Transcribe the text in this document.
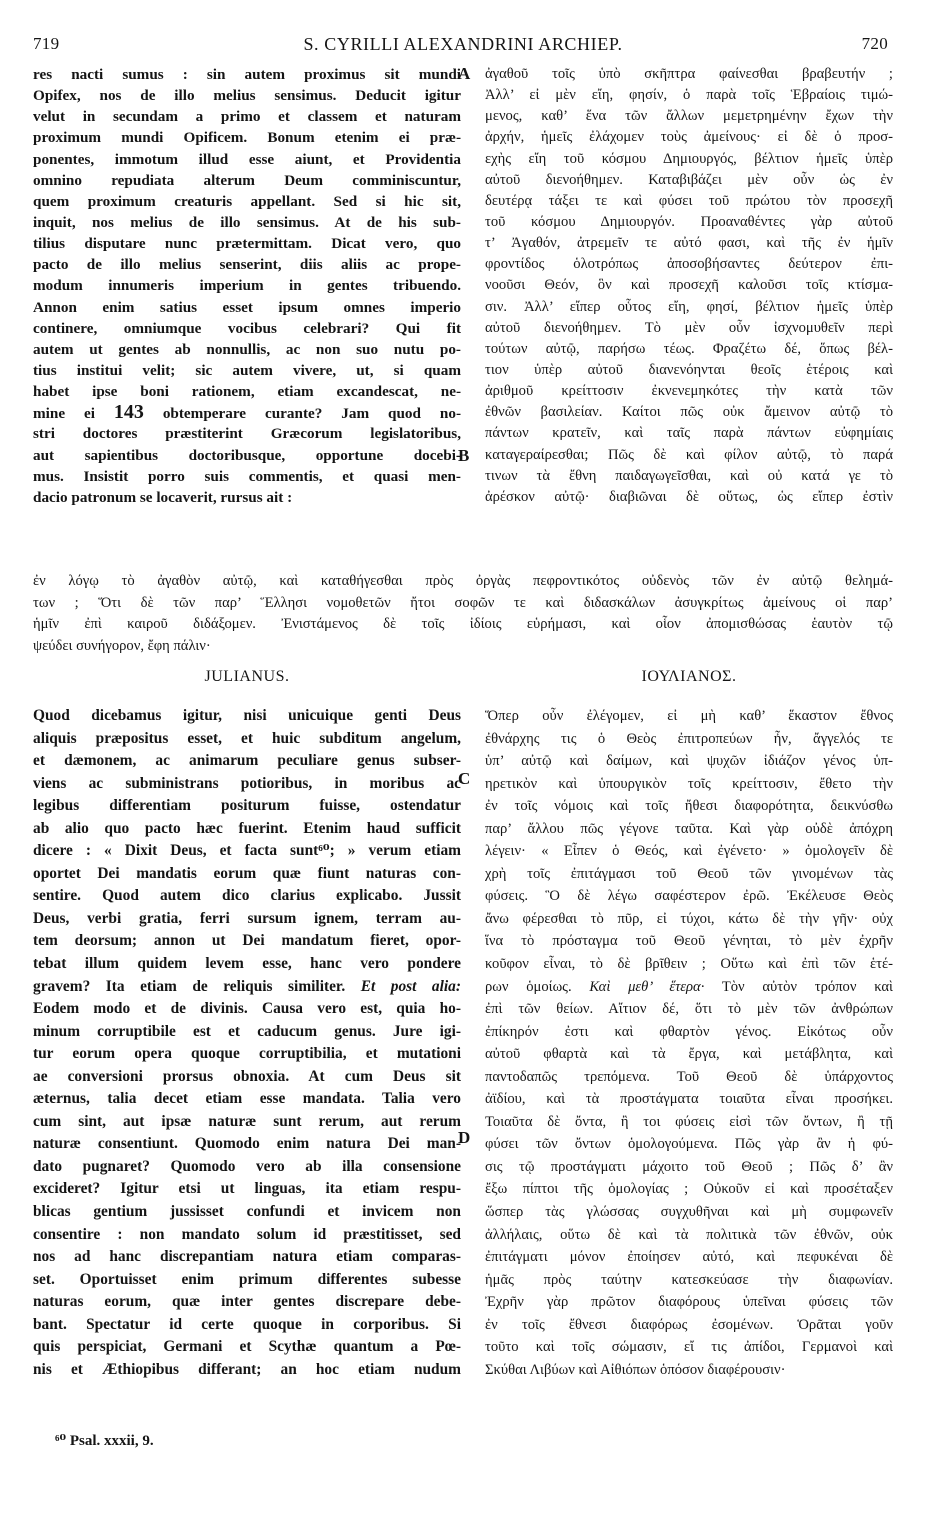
719	S. CYRILLI ALEXANDRINI ARCHIEP.	720
A
B
C
D
res nacti sumus : sin autem proximus sit mundi
Opifex, nos de illo melius sensimus. Deducit igitur
velut in secundam a primo et classem et naturam
proximum mundi Opificem. Bonum etenim ei præ-
ponentes, immotum illud esse aiunt, et Providentia
omnino repudiata alterum Deum comminiscuntur,
quem proximum creaturis appellant. Sed si hic sit,
inquit, nos melius de illo sensimus. At de his sub-
tilius disputare nunc prætermittam. Dicat vero, quo
pacto de illo melius senserint, diis aliis ac prope-
modum innumeris imperium in gentes tribuendo.
Annon enim satius esset ipsum omnes imperio
continere, omniumque vocibus celebrari? Qui fit
autem ut gentes ab nonnullis, ac non suo nutu po-
tius institui velit; sic autem vivere, ut, si quam
habet ipse boni rationem, etiam excandescat, ne-
mine ei 143 obtemperare curante? Jam quod no-
stri doctores præstiterint Græcorum legislatoribus,
aut sapientibus doctoribusque, opportune docebi-
mus. Insistit porro suis commentis, et quasi men-
dacio patronum se locaverit, rursus ait :
ἀγαθοῦ τοῖς ὑπὸ σκῆπτρα φαίνεσθαι βραβευτήν ;
Ἀλλ’ εἰ μὲν εἴη, φησίν, ὁ παρὰ τοῖς Ἑβραίοις τιμώ-
μενος, καθ’ ἕνα τῶν ἄλλων μεμετρημένην ἔχων τὴν
ἀρχήν, ἡμεῖς ἐλάχομεν τοὺς ἀμείνους· εἰ δὲ ὁ προσ-
εχὴς εἴη τοῦ κόσμου Δημιουργός, βέλτιον ἡμεῖς ὑπὲρ
αὐτοῦ διενοήθημεν. Καταβιβάζει μὲν οὖν ὡς ἐν
δευτέρᾳ τάξει τε καὶ φύσει τοῦ πρώτου τὸν προσεχῆ
τοῦ κόσμου Δημιουργόν. Προαναθέντες γὰρ αὐτοῦ
τ’ Ἀγαθόν, ἀτρεμεῖν τε αὐτό φασι, καὶ τῆς ἐν ἡμῖν
φροντίδος ὁλοτρόπως ἀποσοβήσαντες δεύτερον ἐπι-
νοοῦσι Θεόν, ὃν καὶ προσεχῆ καλοῦσι τοῖς κτίσμα-
σιν. Ἀλλ’ εἴπερ οὗτος εἴη, φησί, βέλτιον ἡμεῖς ὑπὲρ
αὐτοῦ διενοήθημεν. Τὸ μὲν οὖν ἰσχνομυθεῖν περὶ
τούτων αὐτῷ, παρήσω τέως. Φραζέτω δέ, ὅπως βέλ-
τιον ὑπὲρ αὐτοῦ διανενόηνται θεοῖς ἑτέροις καὶ
ἀριθμοῦ κρείττοσιν ἐκνενεμηκότες τὴν κατὰ τῶν
ἐθνῶν βασιλείαν. Καίτοι πῶς οὐκ ἄμεινον αὐτῷ τὸ
πάντων κρατεῖν, καὶ ταῖς παρὰ πάντων εὐφημίαις
καταγεραίρεσθαι; Πῶς δὲ καὶ φίλον αὐτῷ, τὸ παρά
τινων τὰ ἔθνη παιδαγωγεῖσθαι, καὶ οὐ κατά γε τὸ
ἀρέσκον αὐτῷ· διαβιῶναι δὲ οὕτως, ὡς εἴπερ ἐστὶν
ἐν λόγῳ τὸ ἀγαθὸν αὐτῷ, καὶ καταθήγεσθαι πρὸς ὀργὰς πεφροντικότος οὐδενὸς τῶν ἐν αὐτῷ θελημά-
των ; Ὅτι δὲ τῶν παρ’ Ἕλλησι νομοθετῶν ἤτοι σοφῶν τε καὶ διδασκάλων ἀσυγκρίτως ἀμείνους οἱ παρ’
ἡμῖν ἐπὶ καιροῦ διδάξομεν. Ἐνιστάμενος δὲ τοῖς ἰδίοις εὑρήμασι, καὶ οἷον ἀπομισθώσας ἑαυτὸν τῷ
ψεύδει συνήγορον, ἔφη πάλιν·
JULIANUS.	ΙΟΥΛΙΑΝΟΣ.
Quod dicebamus igitur, nisi unicuique genti Deus
aliquis præpositus esset, et huic subditum angelum,
et dæmonem, ac animarum peculiare genus subser-
viens ac subministrans potioribus, in moribus ac
legibus differentiam positurum fuisse, ostendatur
ab alio quo pacto hæc fuerint. Etenim haud sufficit
dicere : « Dixit Deus, et facta sunt⁶⁰; » verum etiam
oportet Dei mandatis eorum quæ fiunt naturas con-
sentire. Quod autem dico clarius explicabo. Jussit
Deus, verbi gratia, ferri sursum ignem, terram au-
tem deorsum; annon ut Dei mandatum fieret, opor-
tebat illum quidem levem esse, hanc vero pondere
gravem? Ita etiam de reliquis similiter. Et post alia:
Eodem modo et de divinis. Causa vero est, quia ho-
minum corruptibile est et caducum genus. Jure igi-
tur eorum opera quoque corruptibilia, et mutationi
ae conversioni prorsus obnoxia. At cum Deus sit
æternus, talia decet etiam esse mandata. Talia vero
cum sint, aut ipsæ naturæ sunt rerum, aut rerum
naturæ consentiunt. Quomodo enim natura Dei man-
dato pugnaret? Quomodo vero ab illa consensione
excideret? Igitur etsi ut linguas, ita etiam respu-
blicas gentium jussisset confundi et invicem non
consentire : non mandato solum id præstitisset, sed
nos ad hanc discrepantiam natura etiam comparas-
set. Oportuisset enim primum differentes subesse
naturas eorum, quæ inter gentes discrepare debe-
bant. Spectatur id certe quoque in corporibus. Si
quis perspiciat, Germani et Scythæ quantum a Pœ-
nis et Æthiopibus differant; an hoc etiam nudum
Ὅπερ οὖν ἐλέγομεν, εἰ μὴ καθ’ ἕκαστον ἔθνος
ἐθνάρχης τις ὁ Θεὸς ἐπιτροπεύων ἦν, ἄγγελός τε
ὑπ’ αὐτῷ καὶ δαίμων, καὶ ψυχῶν ἰδιάζον γένος ὑπ-
ηρετικὸν καὶ ὑπουργικὸν τοῖς κρείττοσιν, ἔθετο τὴν
ἐν τοῖς νόμοις καὶ τοῖς ἤθεσι διαφορότητα, δεικνύσθω
παρ’ ἄλλου πῶς γέγονε ταῦτα. Καὶ γὰρ οὐδὲ ἀπόχρη
λέγειν· « Εἶπεν ὁ Θεός, καὶ ἐγένετο· » ὁμολογεῖν δὲ
χρὴ τοῖς ἐπιτάγμασι τοῦ Θεοῦ τῶν γινομένων τὰς
φύσεις. Ὃ δὲ λέγω σαφέστερον ἐρῶ. Ἐκέλευσε Θεὸς
ἄνω φέρεσθαι τὸ πῦρ, εἰ τύχοι, κάτω δὲ τὴν γῆν· οὐχ
ἵνα τὸ πρόσταγμα τοῦ Θεοῦ γένηται, τὸ μὲν ἐχρῆν
κοῦφον εἶναι, τὸ δὲ βρῖθειν ; Οὕτω καὶ ἐπὶ τῶν ἑτέ-
ρων ὁμοίως. Καὶ μεθ’ ἕτερα· Τὸν αὐτὸν τρόπον καὶ
ἐπὶ τῶν θείων. Αἴτιον δέ, ὅτι τὸ μὲν τῶν ἀνθρώπων
ἐπίκηρόν ἐστι καὶ φθαρτὸν γένος. Εἰκότως οὖν
αὐτοῦ φθαρτὰ καὶ τὰ ἔργα, καὶ μετάβλητα, καὶ
παντοδαπῶς τρεπόμενα. Τοῦ Θεοῦ δὲ ὑπάρχοντος
ἀϊδίου, καὶ τὰ προστάγματα τοιαῦτα εἶναι προσήκει.
Τοιαῦτα δὲ ὄντα, ἢ τοι φύσεις εἰσὶ τῶν ὄντων, ἢ τῇ
φύσει τῶν ὄντων ὁμολογούμενα. Πῶς γὰρ ἂν ἡ φύ-
σις τῷ προστάγματι μάχοιτο τοῦ Θεοῦ ; Πῶς δ’ ἂν
ἔξω πίπτοι τῆς ὁμολογίας ; Οὐκοῦν εἰ καὶ προσέταξεν
ὥσπερ τὰς γλώσσας συγχυθῆναι καὶ μὴ συμφωνεῖν
ἀλλήλαις, οὕτω δὲ καὶ τὰ πολιτικὰ τῶν ἐθνῶν, οὐκ
ἐπιτάγματι μόνον ἐποίησεν αὐτό, καὶ πεφυκέναι δὲ
ἡμᾶς πρὸς ταύτην κατεσκεύασε τὴν διαφωνίαν.
Ἐχρῆν γὰρ πρῶτον διαφόρους ὑπεῖναι φύσεις τῶν
ἐν τοῖς ἔθνεσι διαφόρως ἐσομένων. Ὁρᾶται γοῦν
τοῦτο καὶ τοῖς σώμασιν, εἴ τις ἀπίδοι, Γερμανοὶ καὶ
Σκύθαι Λιβύων καὶ Αἰθιόπων ὁπόσον διαφέρουσιν·
⁶⁰ Psal. xxxii, 9.
